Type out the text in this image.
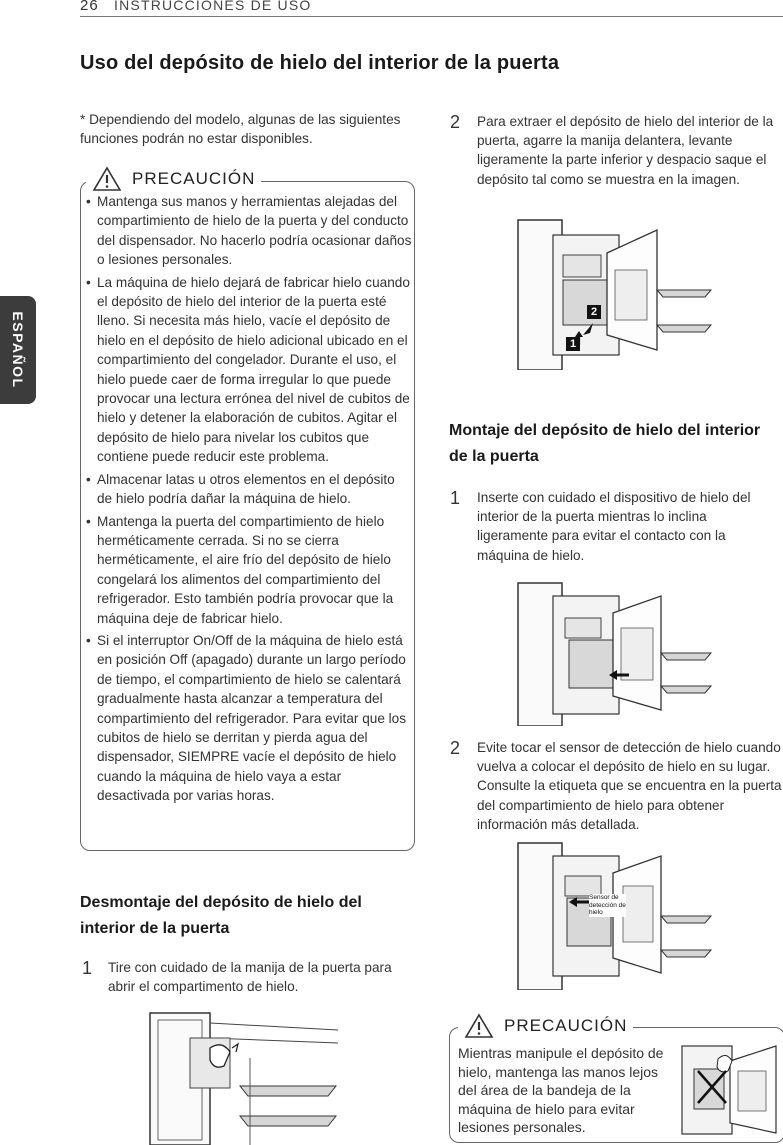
26 INSTRUCCIONES DE USO
ESPAÑOL
Uso del depósito de hielo del interior de la puerta
* Dependiendo del modelo, algunas de las siguientes funciones podrán no estar disponibles.
PRECAUCIÓN
• Mantenga sus manos y herramientas alejadas del compartimiento de hielo de la puerta y del conducto del dispensador. No hacerlo podría ocasionar daños o lesiones personales.
• La máquina de hielo dejará de fabricar hielo cuando el depósito de hielo del interior de la puerta esté lleno. Si necesita más hielo, vacíe el depósito de hielo en el depósito de hielo adicional ubicado en el compartimiento del congelador. Durante el uso, el hielo puede caer de forma irregular lo que puede provocar una lectura errónea del nivel de cubitos de hielo y detener la elaboración de cubitos. Agitar el depósito de hielo para nivelar los cubitos que contiene puede reducir este problema.
• Almacenar latas u otros elementos en el depósito de hielo podría dañar la máquina de hielo.
• Mantenga la puerta del compartimiento de hielo herméticamente cerrada. Si no se cierra herméticamente, el aire frío del depósito de hielo congelará los alimentos del compartimiento del refrigerador. Esto también podría provocar que la máquina deje de fabricar hielo.
• Si el interruptor On/Off de la máquina de hielo está en posición Off (apagado) durante un largo período de tiempo, el compartimiento de hielo se calentará gradualmente hasta alcanzar a temperatura del compartimiento del refrigerador. Para evitar que los cubitos de hielo se derritan y pierda agua del dispensador, SIEMPRE vacíe el depósito de hielo cuando la máquina de hielo vaya a estar desactivada por varias horas.
Desmontaje del depósito de hielo del interior de la puerta
1 Tire con cuidado de la manija de la puerta para abrir el compartimento de hielo.
2 Para extraer el depósito de hielo del interior de la puerta, agarre la manija delantera, levante ligeramente la parte inferior y despacio saque el depósito tal como se muestra en la imagen.
1
2
Montaje del depósito de hielo del interior de la puerta
1 Inserte con cuidado el dispositivo de hielo del interior de la puerta mientras lo inclina ligeramente para evitar el contacto con la máquina de hielo.
2 Evite tocar el sensor de detección de hielo cuando vuelva a colocar el depósito de hielo en su lugar. Consulte la etiqueta que se encuentra en la puerta del compartimiento de hielo para obtener información más detallada.
Sensor de
detección de
hielo
PRECAUCIÓN
Mientras manipule el depósito de hielo, mantenga las manos lejos del área de la bandeja de la máquina de hielo para evitar lesiones personales.
